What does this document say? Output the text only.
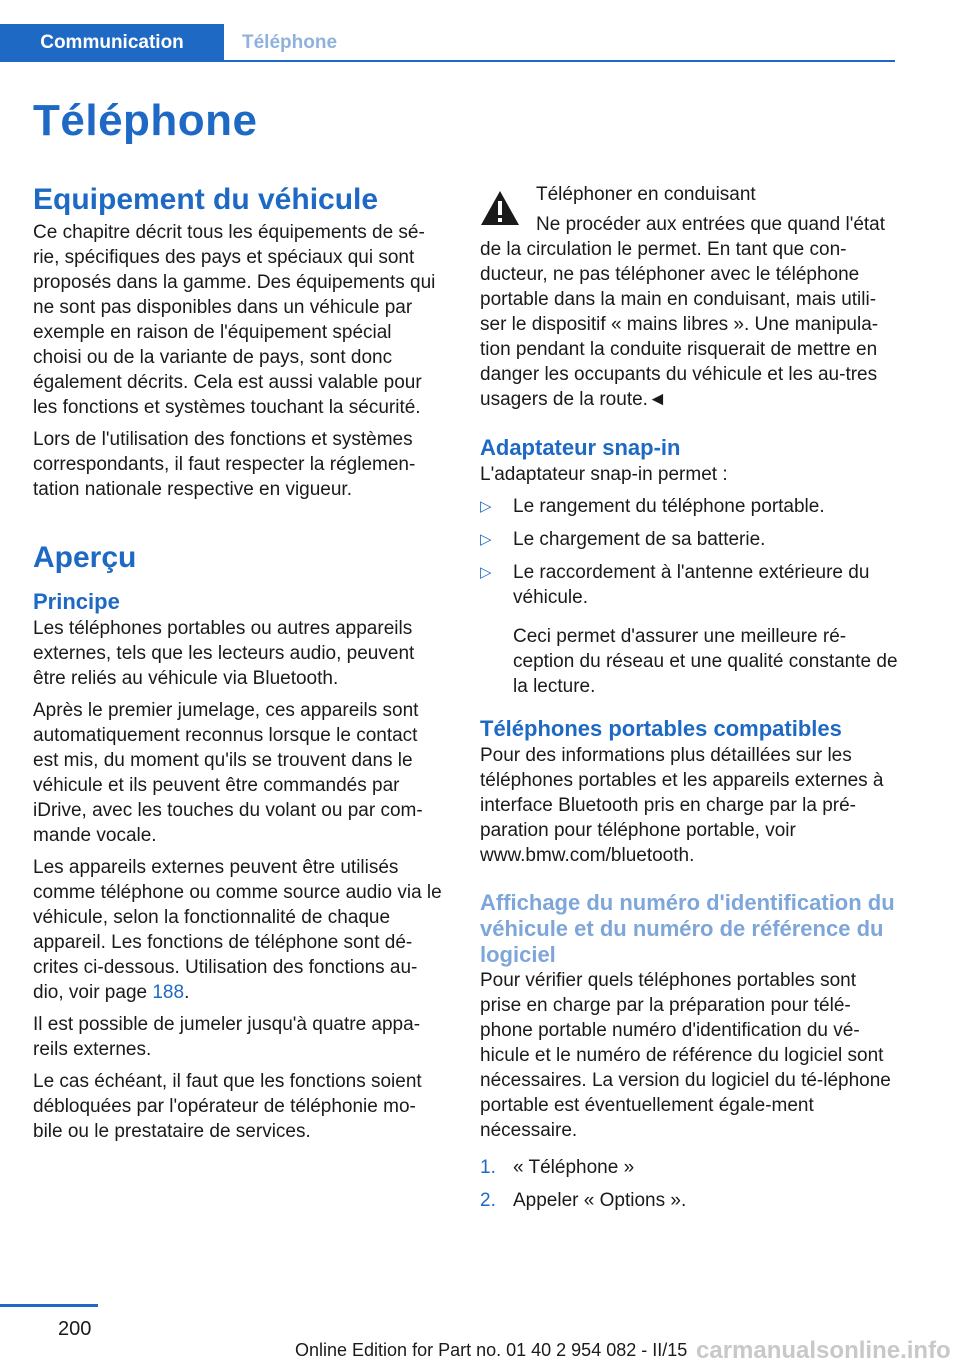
Communication	Téléphone
Téléphone
Equipement du véhicule

Ce chapitre décrit tous les équipements de sé-rie, spécifiques des pays et spéciaux qui sont proposés dans la gamme. Des équipements qui ne sont pas disponibles dans un véhicule par exemple en raison de l'équipement spécial choisi ou de la variante de pays, sont donc également décrits. Cela est aussi valable pour les fonctions et systèmes touchant la sécurité.

Lors de l'utilisation des fonctions et systèmes correspondants, il faut respecter la réglemen-tation nationale respective en vigueur.

Aperçu
Principe

Les téléphones portables ou autres appareils externes, tels que les lecteurs audio, peuvent être reliés au véhicule via Bluetooth.

Après le premier jumelage, ces appareils sont automatiquement reconnus lorsque le contact est mis, du moment qu'ils se trouvent dans le véhicule et ils peuvent être commandés par iDrive, avec les touches du volant ou par com-mande vocale.

Les appareils externes peuvent être utilisés comme téléphone ou comme source audio via le véhicule, selon la fonctionnalité de chaque appareil. Les fonctions de téléphone sont dé-crites ci-dessous. Utilisation des fonctions au-dio, voir page 188.

Il est possible de jumeler jusqu'à quatre appa-reils externes.

Le cas échéant, il faut que les fonctions soient débloquées par l'opérateur de téléphonie mo-bile ou le prestataire de services.

Téléphoner en conduisant
Ne procéder aux entrées que quand l'état
de la circulation le permet. En tant que con-ducteur, ne pas téléphoner avec le téléphone portable dans la main en conduisant, mais utili-ser le dispositif « mains libres ». Une manipula-tion pendant la conduite risquerait de mettre en danger les occupants du véhicule et les au-tres usagers de la route.◄
Adaptateur snap-in

L'adaptateur snap-in permet :

▷ Le rangement du téléphone portable.
▷ Le chargement de sa batterie.
▷ Le raccordement à l'antenne extérieure du véhicule.

Ceci permet d'assurer une meilleure ré-ception du réseau et une qualité constante de la lecture.

Téléphones portables compatibles

Pour des informations plus détaillées sur les téléphones portables et les appareils externes à interface Bluetooth pris en charge par la pré-paration pour téléphone portable, voir www.bmw.com/bluetooth.

Affichage du numéro d'identification du véhicule et du numéro de référence du logiciel

Pour vérifier quels téléphones portables sont prise en charge par la préparation pour télé-phone portable numéro d'identification du vé-hicule et le numéro de référence du logiciel sont nécessaires. La version du logiciel du té-léphone portable est éventuellement égale-ment nécessaire.

1. « Téléphone »
2. Appeler « Options ».
200
Online Edition for Part no. 01 40 2 954 082 - II/15 carmanualsonline.info
